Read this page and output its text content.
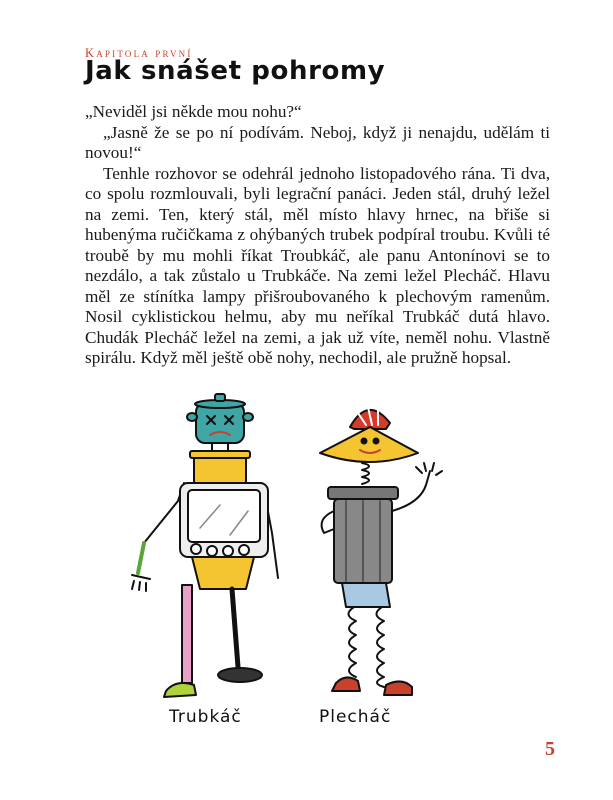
Kapitola první
Jak snášet pohromy

„Neviděl jsi někde mou nohu?“

„Jasně že se po ní podívám. Neboj, když ji nenajdu, udělám ti novou!“

Tenhle rozhovor se odehrál jednoho listopadového rána. Ti dva, co spolu rozmlouvali, byli legrační panáci. Jeden stál, druhý ležel na zemi. Ten, který stál, měl místo hlavy hrnec, na břiše si hubenýma ručičkama z ohýbaných trubek podpíral troubu. Kvůli té troubě by mu mohli říkat Troubkáč, ale panu Antonínovi se to nezdálo, a tak zůstalo u Trubkáče. Na zemi ležel Plecháč. Hlavu měl ze stínítka lampy přišroubovaného k plechovým ramenům. Nosil cyklistickou helmu, aby mu neříkal Trubkáč dutá hlavo. Chudák Plecháč ležel na zemi, a jak už víte, neměl nohu. Vlastně spirálu. Když měl ještě obě nohy, nechodil, ale pružně hopsal.

Trubkáč	Plecháč
5
